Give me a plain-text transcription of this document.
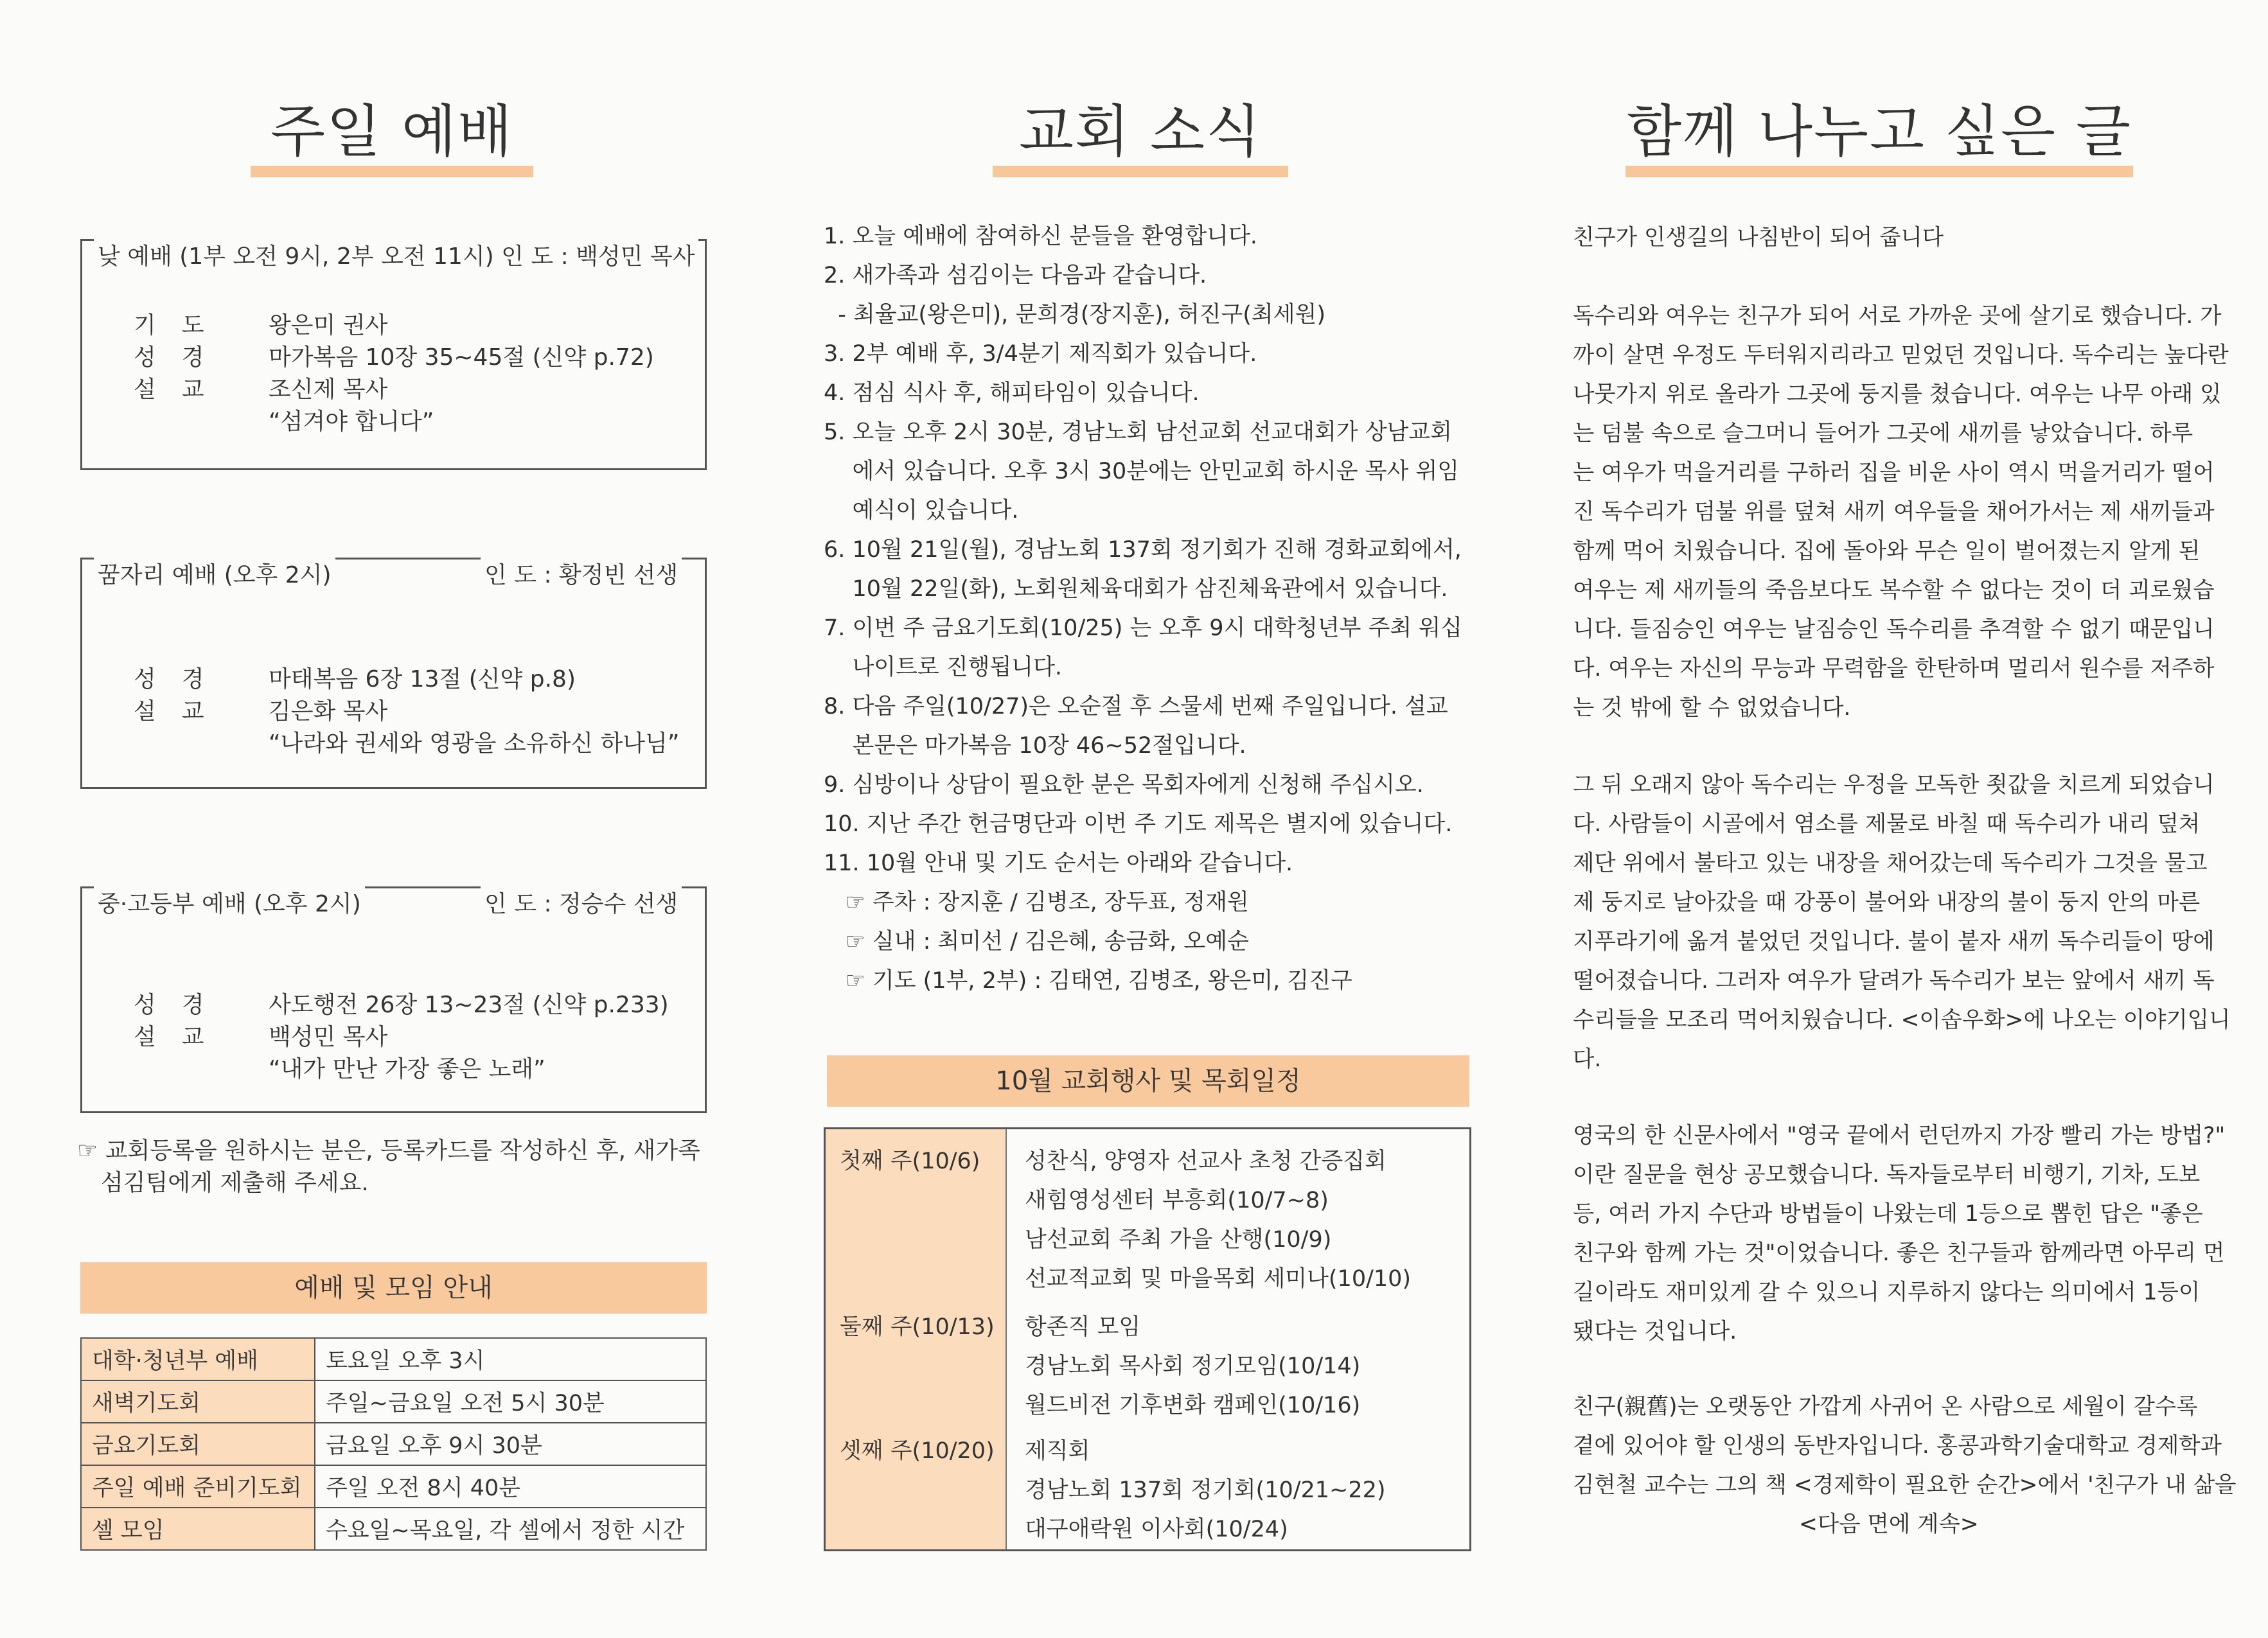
주일 예배
낮 예배 (1부 오전 9시, 2부 오전 11시) 인 도 : 백성민 목사
기도 왕은미 권사
성경 마가복음 10장 35~45절 (신약 p.72)
설교 조신제 목사
“섬겨야 합니다”
꿈자리 예배 (오후 2시)	인 도 : 황정빈 선생
성경 마태복음 6장 13절 (신약 p.8)
설교 김은화 목사
“나라와 권세와 영광을 소유하신 하나님”
중·고등부 예배 (오후 2시)	인 도 : 정승수 선생
성경 사도행전 26장 13~23절 (신약 p.233)
설교 백성민 목사
“내가 만난 가장 좋은 노래”
☞ 교회등록을 원하시는 분은, 등록카드를 작성하신 후, 새가족
섬김팀에게 제출해 주세요.
예배 및 모임 안내
대학·청년부 예배	토요일 오후 3시
새벽기도회	주일~금요일 오전 5시 30분
금요기도회	금요일 오후 9시 30분
주일 예배 준비기도회	주일 오전 8시 40분
셀 모임	수요일~목요일, 각 셀에서 정한 시간
교회 소식
1. 오늘 예배에 참여하신 분들을 환영합니다.
2. 새가족과 섬김이는 다음과 같습니다.
- 최율교(왕은미), 문희경(장지훈), 허진구(최세원)
3. 2부 예배 후, 3/4분기 제직회가 있습니다.
4. 점심 식사 후, 해피타임이 있습니다.
5. 오늘 오후 2시 30분, 경남노회 남선교회 선교대회가 상남교회
에서 있습니다. 오후 3시 30분에는 안민교회 하시운 목사 위임
예식이 있습니다.
6. 10월 21일(월), 경남노회 137회 정기회가 진해 경화교회에서,
10월 22일(화), 노회원체육대회가 삼진체육관에서 있습니다.
7. 이번 주 금요기도회(10/25) 는 오후 9시 대학청년부 주최 워십
나이트로 진행됩니다.
8. 다음 주일(10/27)은 오순절 후 스물세 번째 주일입니다. 설교
본문은 마가복음 10장 46~52절입니다.
9. 심방이나 상담이 필요한 분은 목회자에게 신청해 주십시오.
10. 지난 주간 헌금명단과 이번 주 기도 제목은 별지에 있습니다.
11. 10월 안내 및 기도 순서는 아래와 같습니다.
☞ 주차 : 장지훈 / 김병조, 장두표, 정재원
☞ 실내 : 최미선 / 김은혜, 송금화, 오예순
☞ 기도 (1부, 2부) : 김태연, 김병조, 왕은미, 김진구
10월 교회행사 및 목회일정
첫째 주(10/6) 성찬식, 양영자 선교사 초청 간증집회
새힘영성센터 부흥회(10/7~8)
남선교회 주최 가을 산행(10/9)
선교적교회 및 마을목회 세미나(10/10)
둘째 주(10/13) 항존직 모임
경남노회 목사회 정기모임(10/14)
월드비전 기후변화 캠페인(10/16)
셋째 주(10/20) 제직회
경남노회 137회 정기회(10/21~22)
대구애락원 이사회(10/24)
함께 나누고 싶은 글
친구가 인생길의 나침반이 되어 줍니다
독수리와 여우는 친구가 되어 서로 가까운 곳에 살기로 했습니다. 가
까이 살면 우정도 두터워지리라고 믿었던 것입니다. 독수리는 높다란
나뭇가지 위로 올라가 그곳에 둥지를 쳤습니다. 여우는 나무 아래 있
는 덤불 속으로 슬그머니 들어가 그곳에 새끼를 낳았습니다. 하루
는 여우가 먹을거리를 구하러 집을 비운 사이 역시 먹을거리가 떨어
진 독수리가 덤불 위를 덮쳐 새끼 여우들을 채어가서는 제 새끼들과
함께 먹어 치웠습니다. 집에 돌아와 무슨 일이 벌어졌는지 알게 된
여우는 제 새끼들의 죽음보다도 복수할 수 없다는 것이 더 괴로웠습
니다. 들짐승인 여우는 날짐승인 독수리를 추격할 수 없기 때문입니
다. 여우는 자신의 무능과 무력함을 한탄하며 멀리서 원수를 저주하
는 것 밖에 할 수 없었습니다.
그 뒤 오래지 않아 독수리는 우정을 모독한 죗값을 치르게 되었습니
다. 사람들이 시골에서 염소를 제물로 바칠 때 독수리가 내리 덮쳐
제단 위에서 불타고 있는 내장을 채어갔는데 독수리가 그것을 물고
제 둥지로 날아갔을 때 강풍이 불어와 내장의 불이 둥지 안의 마른
지푸라기에 옮겨 붙었던 것입니다. 불이 붙자 새끼 독수리들이 땅에
떨어졌습니다. 그러자 여우가 달려가 독수리가 보는 앞에서 새끼 독
수리들을 모조리 먹어치웠습니다. <이솝우화>에 나오는 이야기입니
다.
영국의 한 신문사에서 "영국 끝에서 런던까지 가장 빨리 가는 방법?"
이란 질문을 현상 공모했습니다. 독자들로부터 비행기, 기차, 도보
등, 여러 가지 수단과 방법들이 나왔는데 1등으로 뽑힌 답은 "좋은
친구와 함께 가는 것"이었습니다. 좋은 친구들과 함께라면 아무리 먼
길이라도 재미있게 갈 수 있으니 지루하지 않다는 의미에서 1등이
됐다는 것입니다.
친구(親舊)는 오랫동안 가깝게 사귀어 온 사람으로 세월이 갈수록
곁에 있어야 할 인생의 동반자입니다. 홍콩과학기술대학교 경제학과
김현철 교수는 그의 책 <경제학이 필요한 순간>에서 '친구가 내 삶을
<다음 면에 계속>
